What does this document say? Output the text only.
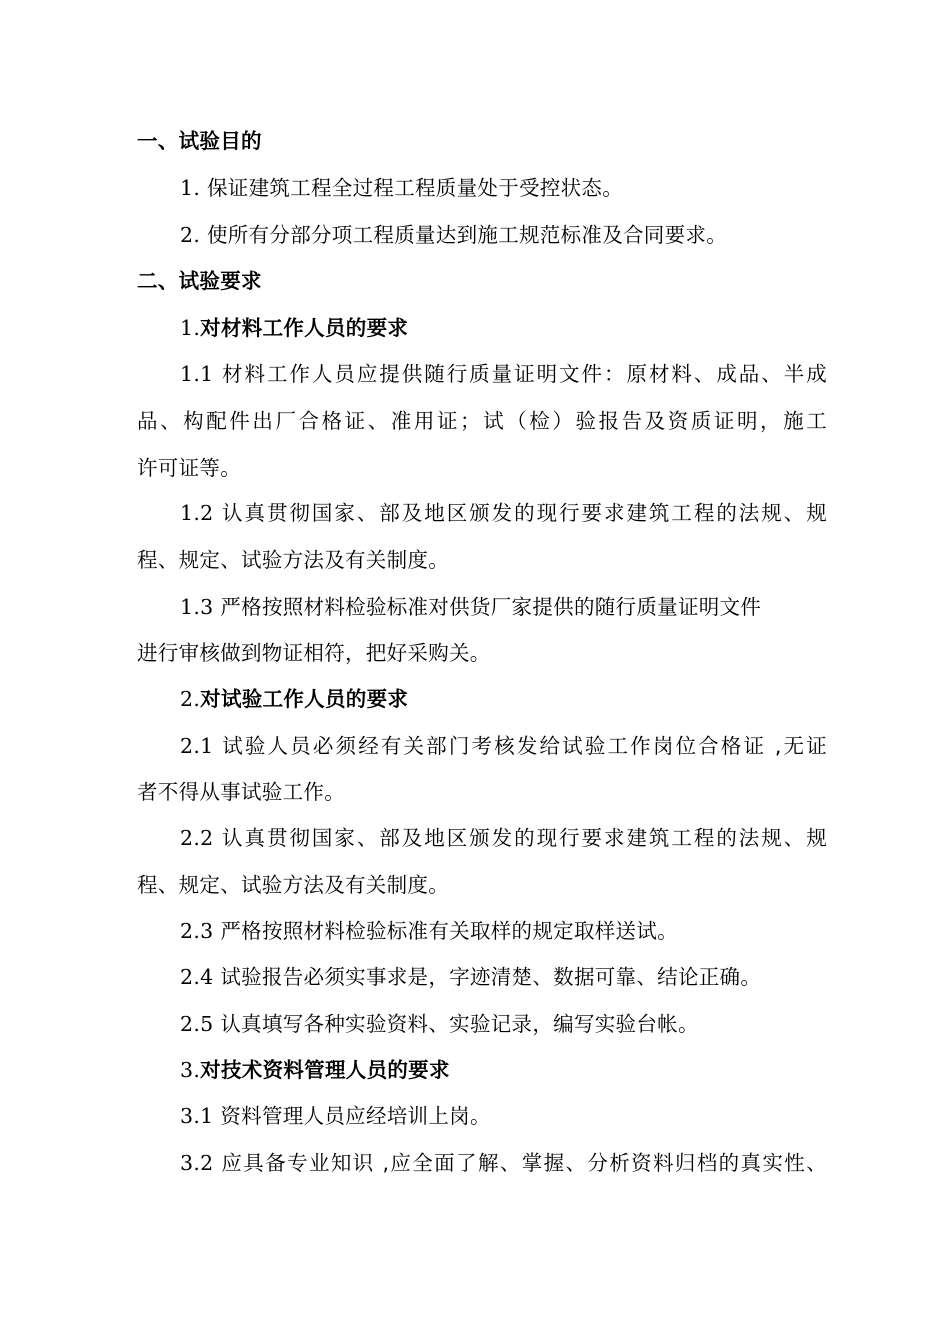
一、试验目的
1. 保证建筑工程全过程工程质量处于受控状态。
2. 使所有分部分项工程质量达到施工规范标准及合同要求。
二、试验要求
1.对材料工作人员的要求
1.1 材料工作人员应提供随行质量证明文件：原材料、成品、半成
品、构配件出厂合格证、准用证；试（检）验报告及资质证明，施工
许可证等。
1.2 认真贯彻国家、部及地区颁发的现行要求建筑工程的法规、规
程、规定、试验方法及有关制度。
1.3 严格按照材料检验标准对供货厂家提供的随行质量证明文件
进行审核做到物证相符，把好采购关。
2.对试验工作人员的要求
2.1 试验人员必须经有关部门考核发给试验工作岗位合格证 ,无证
者不得从事试验工作。
2.2 认真贯彻国家、部及地区颁发的现行要求建筑工程的法规、规
程、规定、试验方法及有关制度。
2.3 严格按照材料检验标准有关取样的规定取样送试。
2.4 试验报告必须实事求是，字迹清楚、数据可靠、结论正确。
2.5 认真填写各种实验资料、实验记录，编写实验台帐。
3.对技术资料管理人员的要求
3.1 资料管理人员应经培训上岗。
3.2 应具备专业知识 ,应全面了解、掌握、分析资料归档的真实性、
